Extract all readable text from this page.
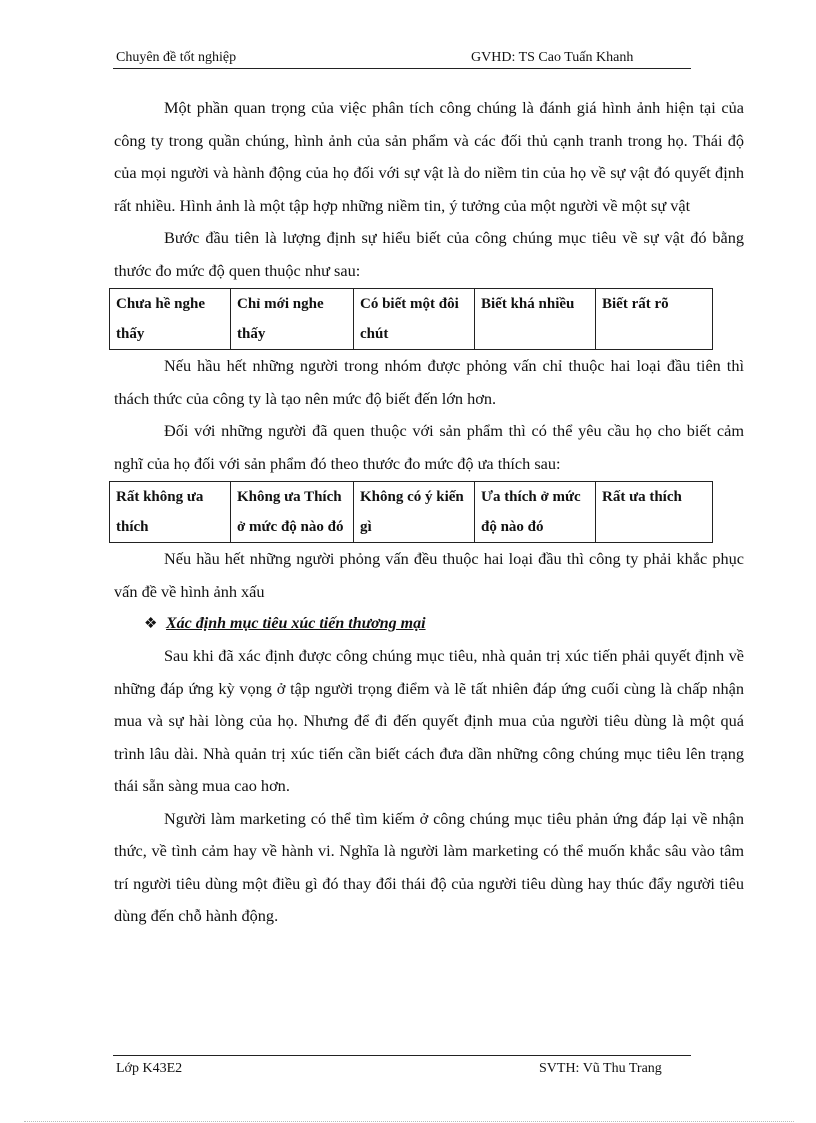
Chuyên đề tốt nghiệp	GVHD: TS Cao Tuấn Khanh

Một phần quan trọng của việc phân tích công chúng là đánh giá hình ảnh hiện tại của công ty trong quần chúng, hình ảnh của sản phẩm và các đối thủ cạnh tranh trong họ. Thái độ của mọi người và hành động của họ đối với sự vật là do niềm tin của họ về sự vật đó quyết định rất nhiều. Hình ảnh là một tập hợp những niềm tin, ý tưởng của một người về một sự vật

Bước đầu tiên là lượng định sự hiểu biết của công chúng mục tiêu về sự vật đó bằng thước đo mức độ quen thuộc như sau:

Chưa hề nghe thấy	Chỉ mới nghe thấy	Có biết một đôi chút	Biết khá nhiều	Biết rất rõ

Nếu hầu hết những người trong nhóm được phỏng vấn chỉ thuộc hai loại đầu tiên thì thách thức của công ty là tạo nên mức độ biết đến lớn hơn.

Đối với những người đã quen thuộc với sản phẩm thì có thể yêu cầu họ cho biết cảm nghĩ của họ đối với sản phẩm đó theo thước đo mức độ ưa thích sau:

Rất không ưa thích	Không ưa Thích ở mức độ nào đó	Không có ý kiến gì	Ưa thích ở mức độ nào đó	Rất ưa thích

Nếu hầu hết những người phỏng vấn đều thuộc hai loại đầu thì công ty phải khắc phục vấn đề về hình ảnh xấu

❖ Xác định mục tiêu xúc tiến thương mại

Sau khi đã xác định được công chúng mục tiêu, nhà quản trị xúc tiến phải quyết định về những đáp ứng kỳ vọng ở tập người trọng điểm và lẽ tất nhiên đáp ứng cuối cùng là chấp nhận mua và sự hài lòng của họ. Nhưng để đi đến quyết định mua của người tiêu dùng là một quá trình lâu dài. Nhà quản trị xúc tiến cần biết cách đưa dần những công chúng mục tiêu lên trạng thái sẵn sàng mua cao hơn.

Người làm marketing có thể tìm kiếm ở công chúng mục tiêu phản ứng đáp lại về nhận thức, về tình cảm hay về hành vi. Nghĩa là người làm marketing có thể muốn khắc sâu vào tâm trí người tiêu dùng một điều gì đó thay đổi thái độ của người tiêu dùng hay thúc đẩy người tiêu dùng đến chỗ hành động.

Lớp K43E2	SVTH: Vũ Thu Trang
